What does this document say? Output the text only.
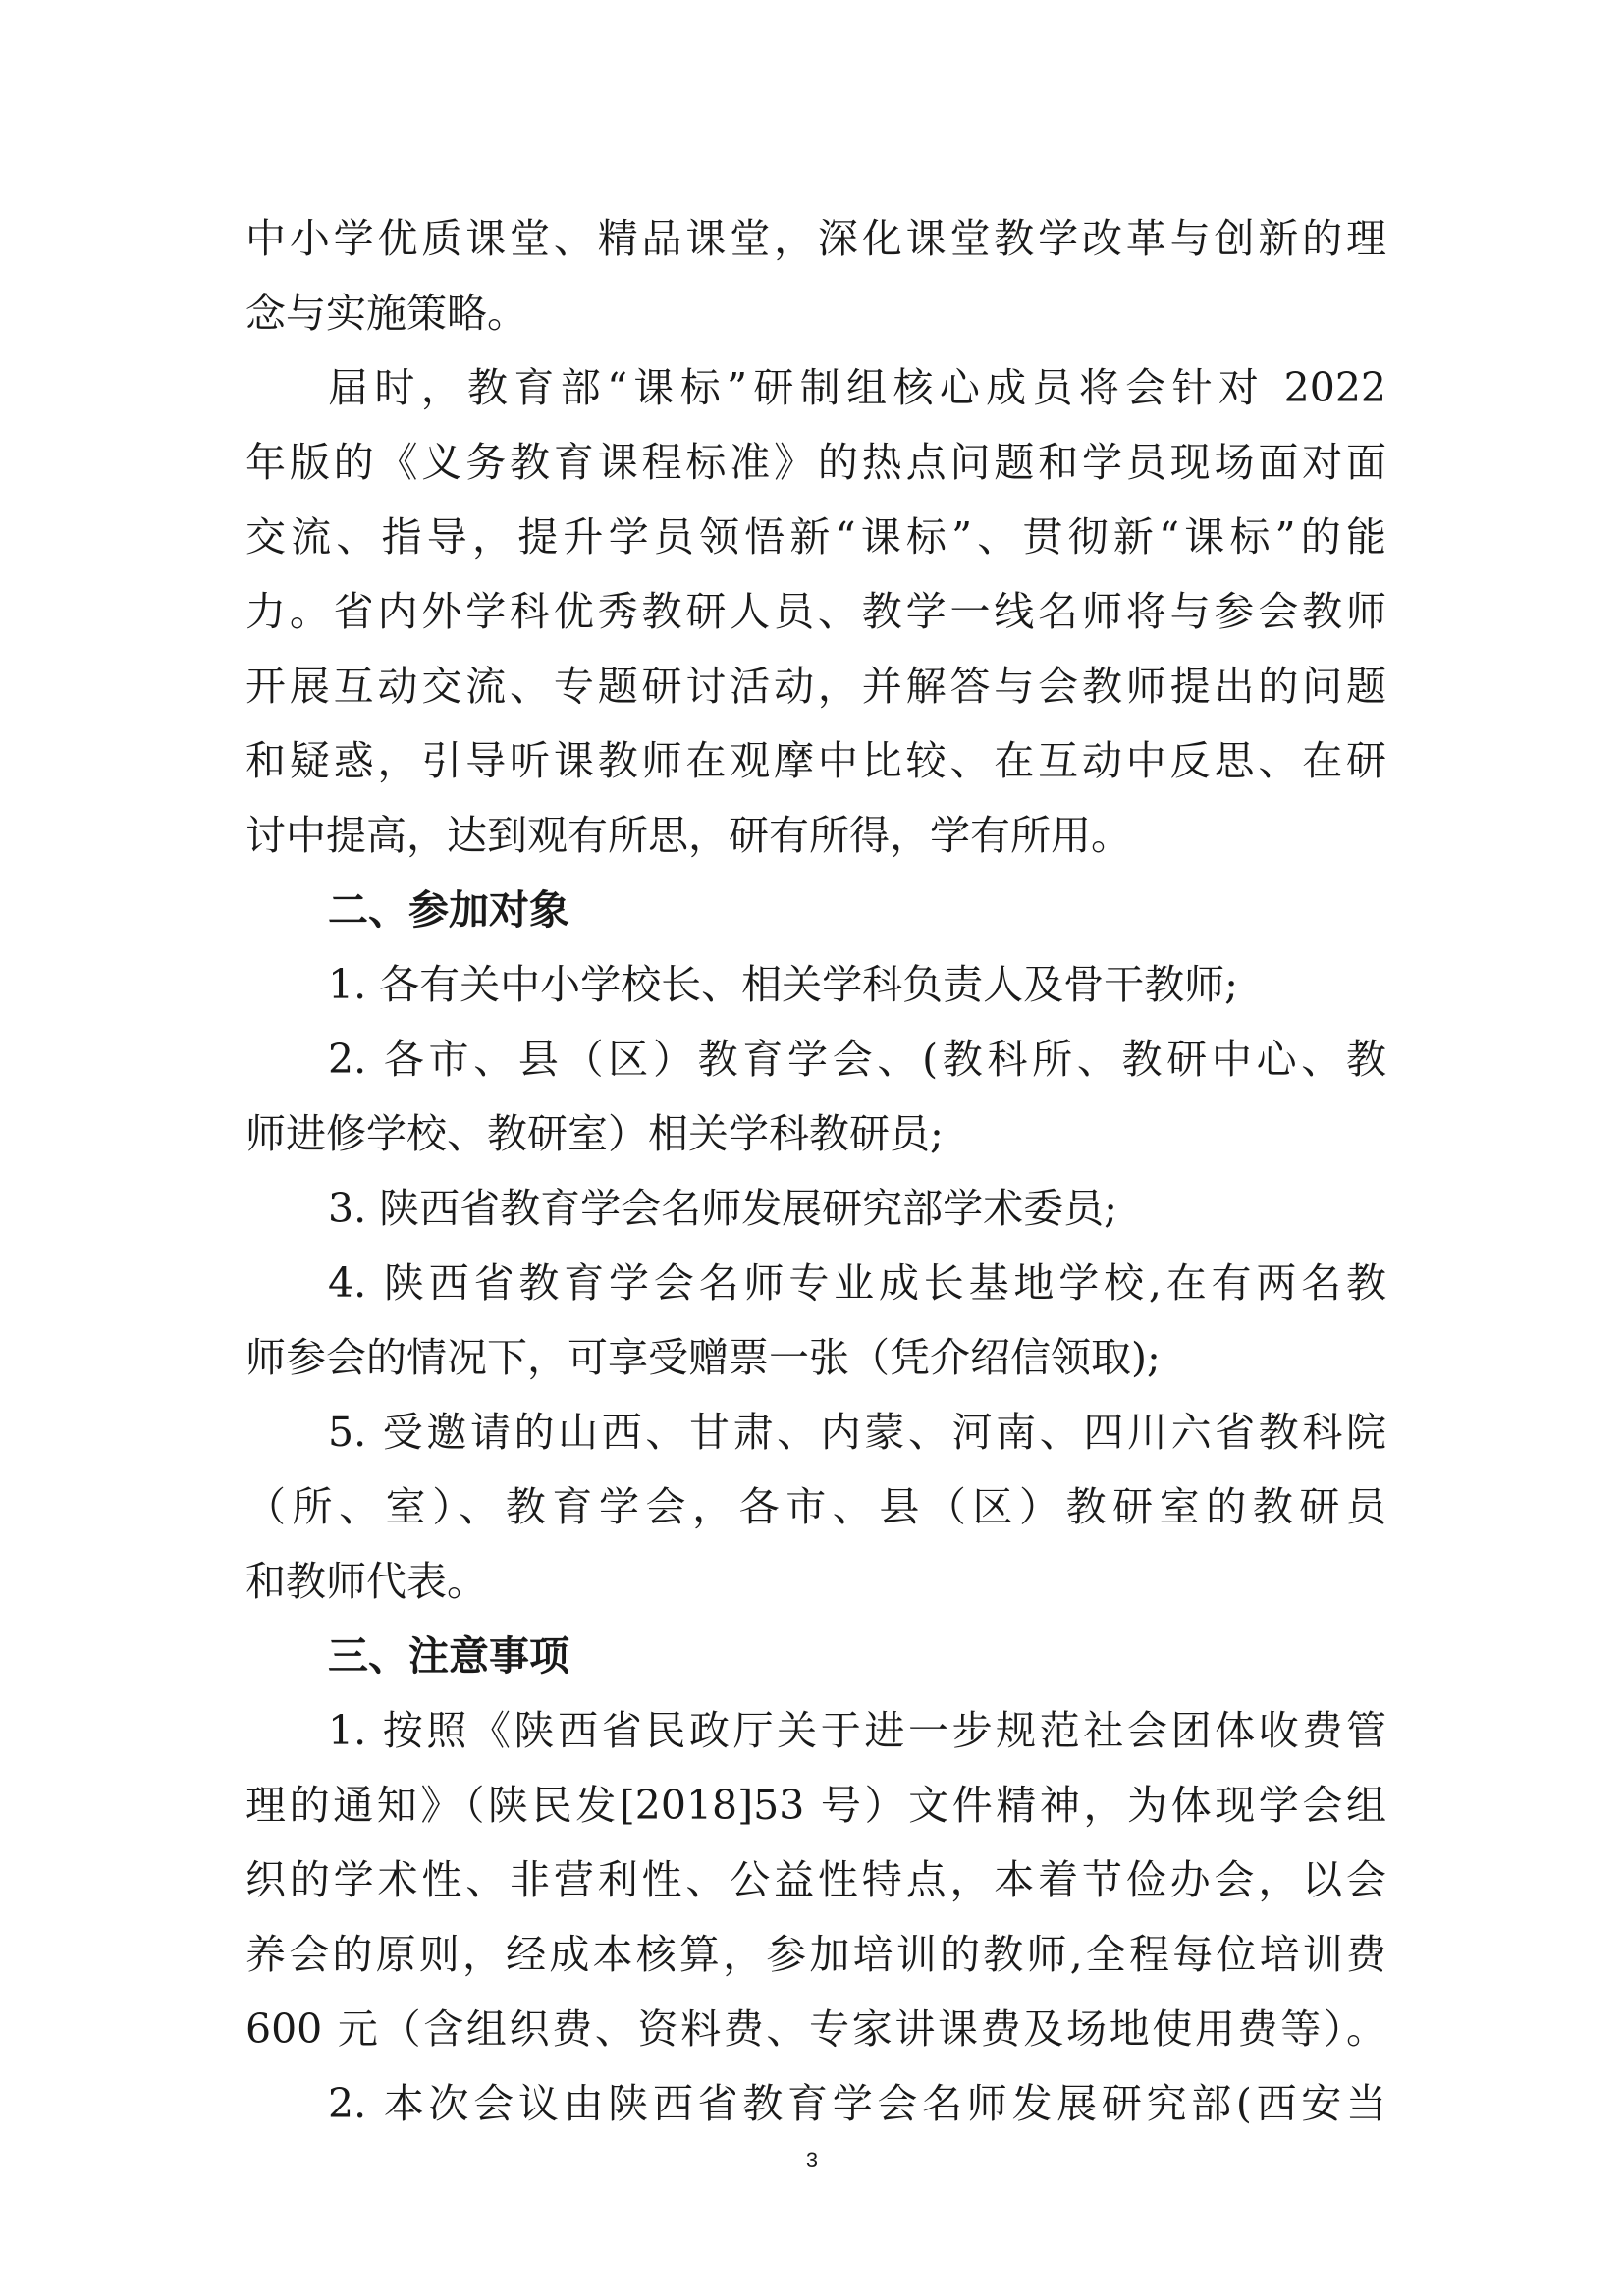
中小学优质课堂、精品课堂，深化课堂教学改革与创新的理
念与实施策略。
届时，教育部“课标”研制组核心成员将会针对 2022
年版的《义务教育课程标准》的热点问题和学员现场面对面
交流、指导，提升学员领悟新“课标”、贯彻新“课标”的能
力。省内外学科优秀教研人员、教学一线名师将与参会教师
开展互动交流、专题研讨活动，并解答与会教师提出的问题
和疑惑，引导听课教师在观摩中比较、在互动中反思、在研
讨中提高，达到观有所思，研有所得，学有所用。
二、参加对象
1. 各有关中小学校长、相关学科负责人及骨干教师;
2. 各市、县（区）教育学会、(教科所、教研中心、教
师进修学校、教研室）相关学科教研员;
3. 陕西省教育学会名师发展研究部学术委员;
4. 陕西省教育学会名师专业成长基地学校,在有两名教
师参会的情况下，可享受赠票一张（凭介绍信领取);
5. 受邀请的山西、甘肃、内蒙、河南、四川六省教科院
（所、室）、教育学会，各市、县（区）教研室的教研员
和教师代表。
三、注意事项
1. 按照《陕西省民政厅关于进一步规范社会团体收费管
理的通知》（陕民发[2018]53 号）文件精神，为体现学会组
织的学术性、非营利性、公益性特点，本着节俭办会，以会
养会的原则，经成本核算，参加培训的教师,全程每位培训费
600 元（含组织费、资料费、专家讲课费及场地使用费等）。
2. 本次会议由陕西省教育学会名师发展研究部(西安当
3
